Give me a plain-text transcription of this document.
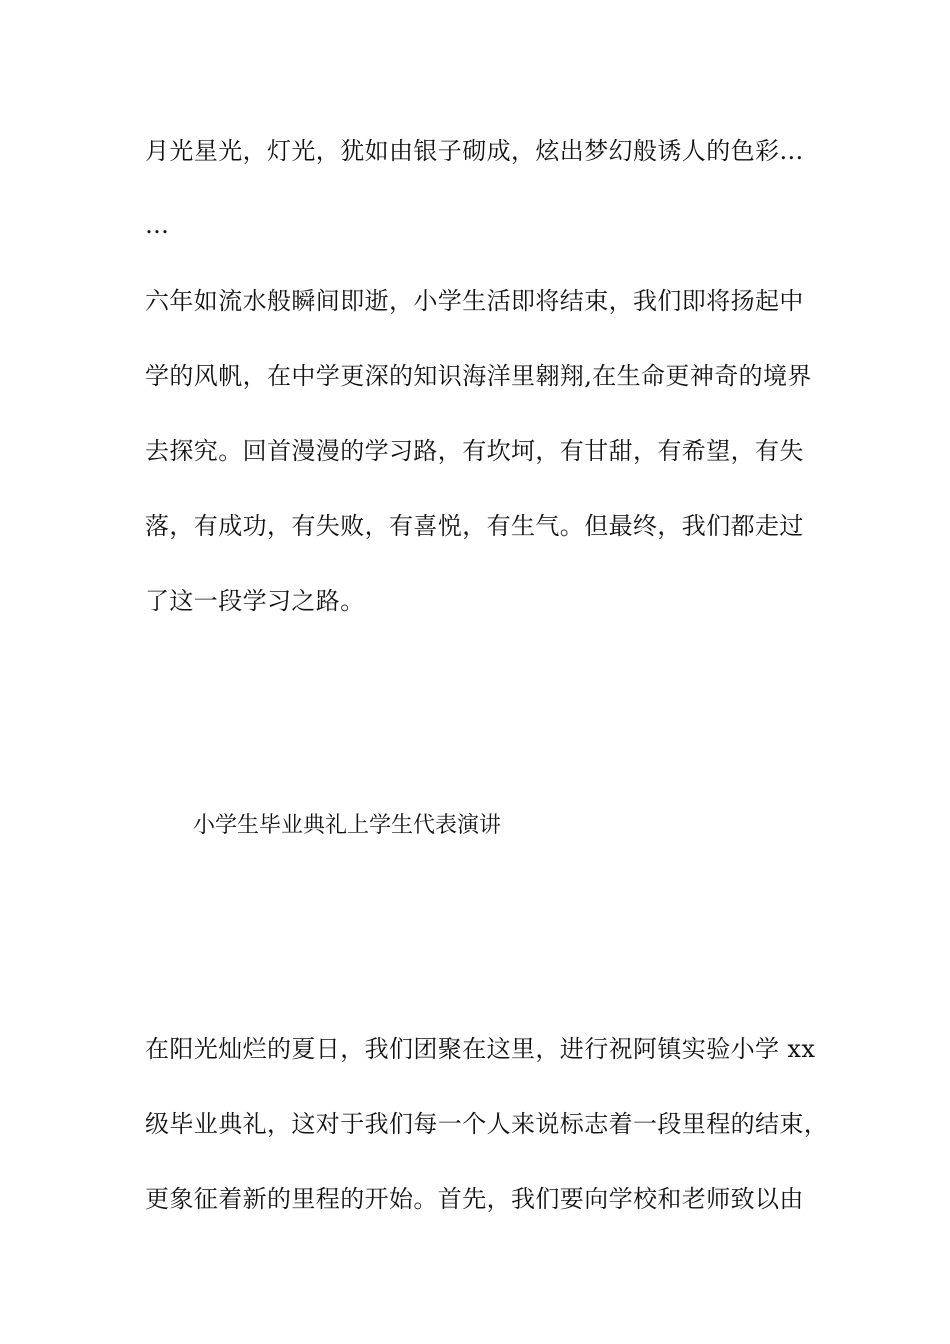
月光星光，灯光，犹如由银子砌成，炫出梦幻般诱人的色彩…
…
六年如流水般瞬间即逝，小学生活即将结束，我们即将扬起中
学的风帆，在中学更深的知识海洋里翱翔,在生命更神奇的境界
去探究。回首漫漫的学习路，有坎坷，有甘甜，有希望，有失
落，有成功，有失败，有喜悦，有生气。但最终，我们都走过
了这一段学习之路。
小学生毕业典礼上学生代表演讲
在阳光灿烂的夏日，我们团聚在这里，进行祝阿镇实验小学 xx
级毕业典礼，这对于我们每一个人来说标志着一段里程的结束，
更象征着新的里程的开始。首先，我们要向学校和老师致以由
